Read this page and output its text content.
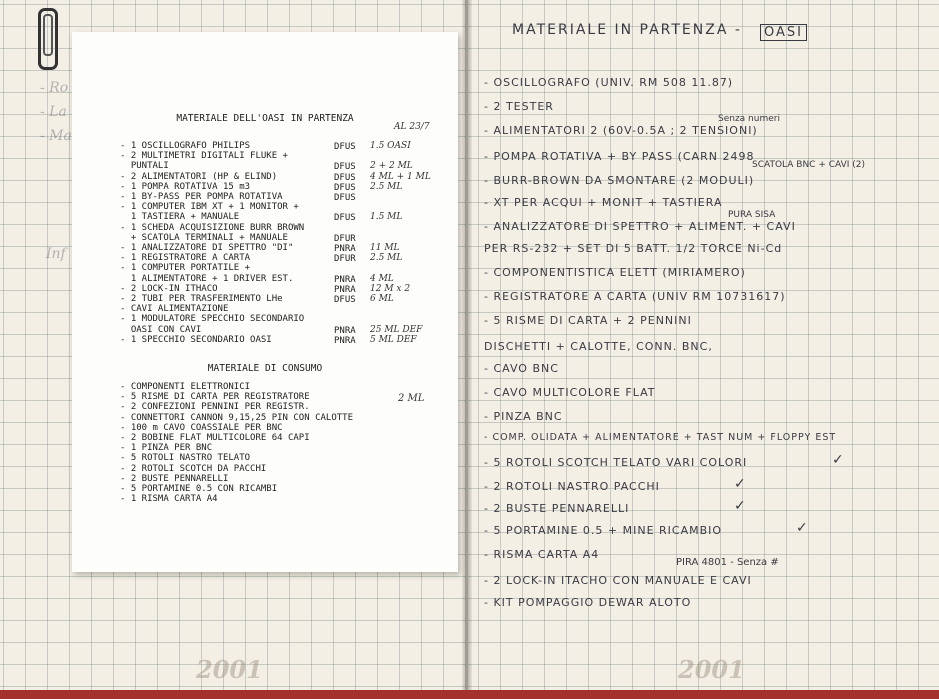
- Ro
- La
- Ma
Inf
2001
MATERIALE DELL'OASI IN PARTENZA
AL 23/7
- 1 OSCILLOGRAFO PHILIPS	DFUS 1.5 OASI
- 2 MULTIMETRI DIGITALI FLUKE +
PUNTALI	DFUS 2 + 2 ML
- 2 ALIMENTATORI (HP & ELIND)	DFUS 4 ML + 1 ML
- 1 POMPA ROTATIVA 15 m3	DFUS 2.5 ML
- 1 BY-PASS PER POMPA ROTATIVA	DFUS
- 1 COMPUTER IBM XT + 1 MONITOR +
1 TASTIERA + MANUALE	DFUS 1.5 ML
- 1 SCHEDA ACQUISIZIONE BURR BROWN
+ SCATOLA TERMINALI + MANUALE	DFUR
- 1 ANALIZZATORE DI SPETTRO "DI"	PNRA 11 ML
- 1 REGISTRATORE A CARTA	DFUR 2.5 ML
- 1 COMPUTER PORTATILE +
1 ALIMENTATORE + 1 DRIVER EST.	PNRA 4 ML
- 2 LOCK-IN ITHACO	PNRA 12 M x 2
- 2 TUBI PER TRASFERIMENTO LHe	DFUS 6 ML
- CAVI ALIMENTAZIONE
- 1 MODULATORE SPECCHIO SECONDARIO
OASI CON CAVI	PNRA 25 ML DEF
- 1 SPECCHIO SECONDARIO OASI	PNRA 5 ML DEF
MATERIALE DI CONSUMO
- COMPONENTI ELETTRONICI
- 5 RISME DI CARTA PER REGISTRATORE
- 2 CONFEZIONI PENNINI PER REGISTR.
- CONNETTORI CANNON 9,15,25 PIN CON CALOTTE
- 100 m CAVO COASSIALE PER BNC
- 2 BOBINE FLAT MULTICOLORE 64 CAPI
- 1 PINZA PER BNC
- 5 ROTOLI NASTRO TELATO
- 2 ROTOLI SCOTCH DA PACCHI
- 2 BUSTE PENNARELLI
- 5 PORTAMINE 0.5 CON RICAMBI
- 1 RISMA CARTA A4
2 ML
2001
MATERIALE IN PARTENZA -	OASI
- OSCILLOGRAFO (UNIV. RM 508 11.87)
- 2 TESTER
- ALIMENTATORI 2 (60V-0.5A ; 2 TENSIONI)
- POMPA ROTATIVA + BY PASS (CARN 2498
- BURR-BROWN DA SMONTARE (2 MODULI)
- XT PER ACQUI + MONIT + TASTIERA
- ANALIZZATORE DI SPETTRO + ALIMENT. + CAVI
PER RS-232 + SET DI 5 BATT. 1/2 TORCE Ni-Cd
- COMPONENTISTICA ELETT (MIRIAMERO)
- REGISTRATORE A CARTA (UNIV RM 10731617)
- 5 RISME DI CARTA + 2 PENNINI
DISCHETTI + CALOTTE, CONN. BNC,
- CAVO BNC
- CAVO MULTICOLORE FLAT
- PINZA BNC
- COMP. OLIDATA + ALIMENTATORE + TAST NUM + FLOPPY EST
- 5 ROTOLI SCOTCH TELATO VARI COLORI	✓
- 2 ROTOLI NASTRO PACCHI	✓
- 2 BUSTE PENNARELLI	✓
- 5 PORTAMINE 0.5 + MINE RICAMBIO	✓
- RISMA CARTA A4
- 2 LOCK-IN ITACHO CON MANUALE E CAVI
- KIT POMPAGGIO DEWAR ALOTO
Senza numeri
SCATOLA BNC + CAVI (2)
PURA SISA
PIRA 4801 - Senza #
